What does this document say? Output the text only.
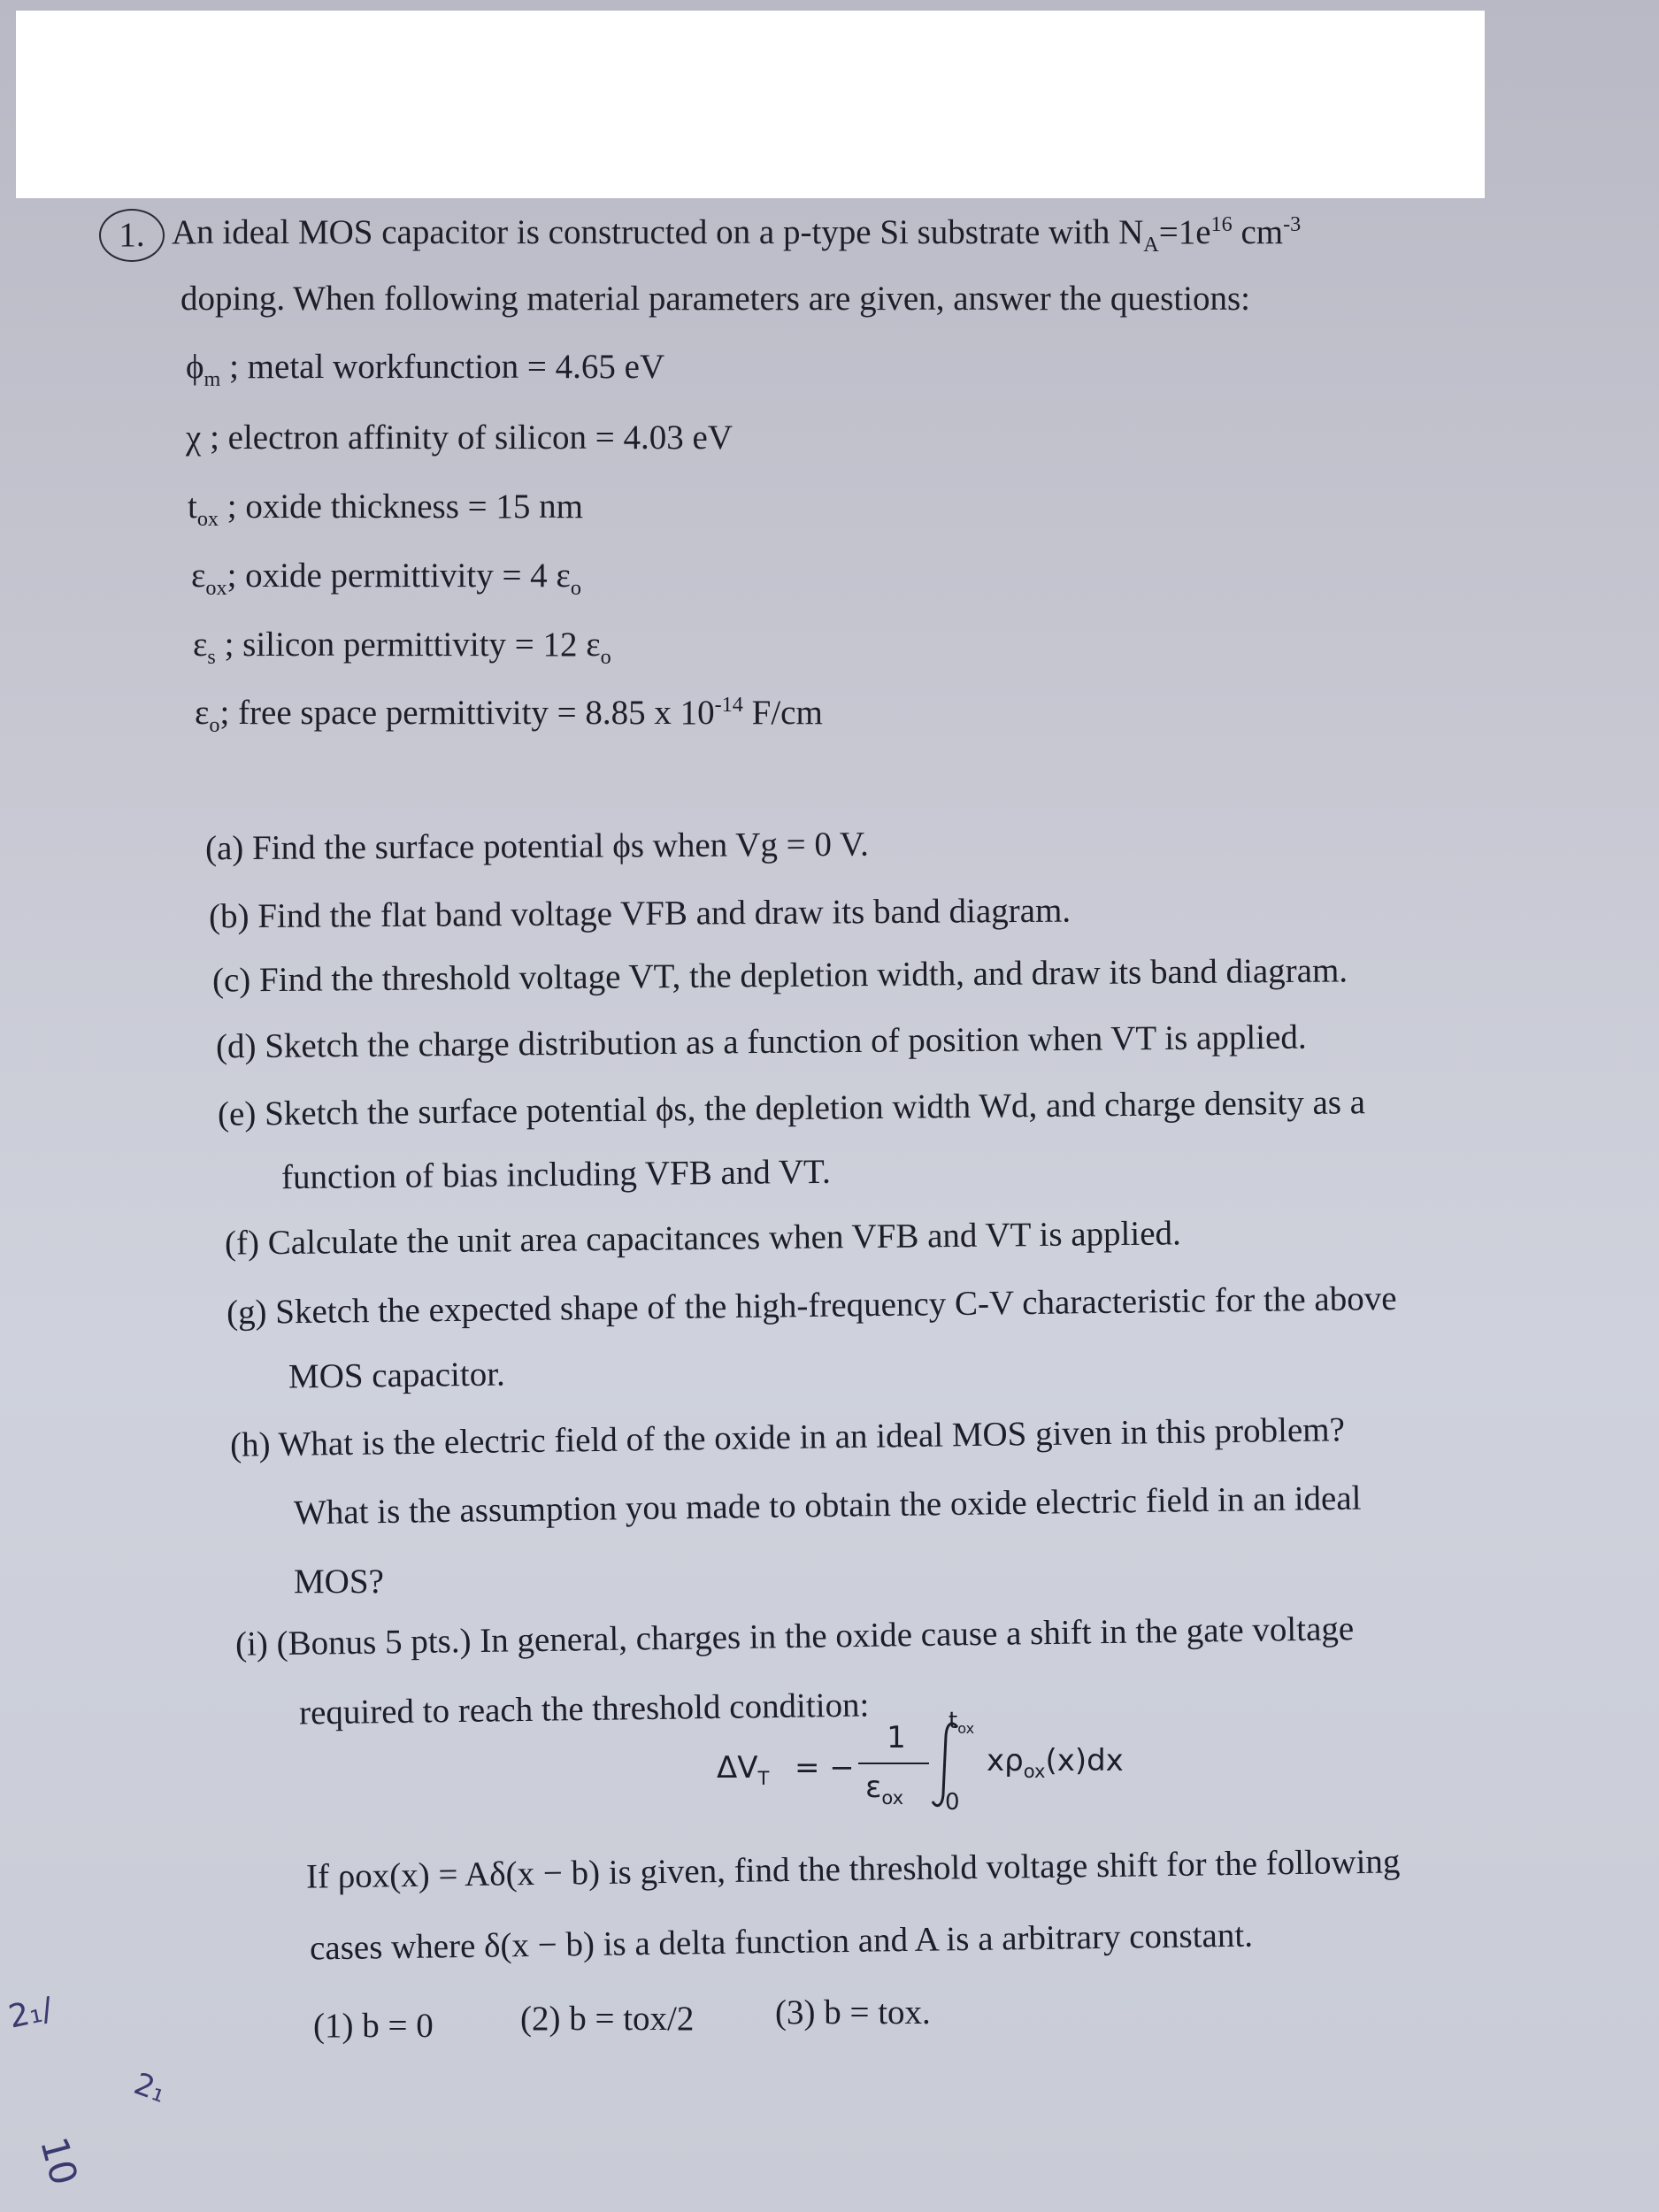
1. An ideal MOS capacitor is constructed on a p-type Si substrate with $N_A=1e^{16}$ $cm^{-3}$
doping. When following material parameters are given, answer the questions:
$\phi_m$ ; metal workfunction = 4.65 eV
χ ; electron affinity of silicon = 4.03 eV
$t_{ox}$ ; oxide thickness = 15 nm
$\varepsilon_{ox}$; oxide permittivity = 4 $\varepsilon_o$
$\varepsilon_s$ ; silicon permittivity = 12 $\varepsilon_o$
$\varepsilon_o$; free space permittivity = 8.85 x $10^{-14}$ F/cm
(a) Find the surface potential ϕs when Vg = 0 V.
(b) Find the flat band voltage VFB and draw its band diagram.
(c) Find the threshold voltage VT, the depletion width, and draw its band diagram.
(d) Sketch the charge distribution as a function of position when VT is applied.
(e) Sketch the surface potential ϕs, the depletion width Wd, and charge density as a
function of bias including VFB and VT.
(f) Calculate the unit area capacitances when VFB and VT is applied.
(g) Sketch the expected shape of the high-frequency C-V characteristic for the above
MOS capacitor.
(h) What is the electric field of the oxide in an ideal MOS given in this problem?
What is the assumption you made to obtain the oxide electric field in an ideal
MOS?
(i) (Bonus 5 pts.) In general, charges in the oxide cause a shift in the gate voltage
required to reach the threshold condition:
$\Delta V_T$ = −
1
$\varepsilon_{ox}$
$t_{ox}$
0
$x\rho_{ox}(x)dx$
If ρox(x) = Aδ(x − b) is given, find the threshold voltage shift for the following
cases where δ(x − b) is a delta function and A is a arbitrary constant.
(1) b = 0	(2) b = tox/2 (3) b = tox.
2₁/
2₁
10
